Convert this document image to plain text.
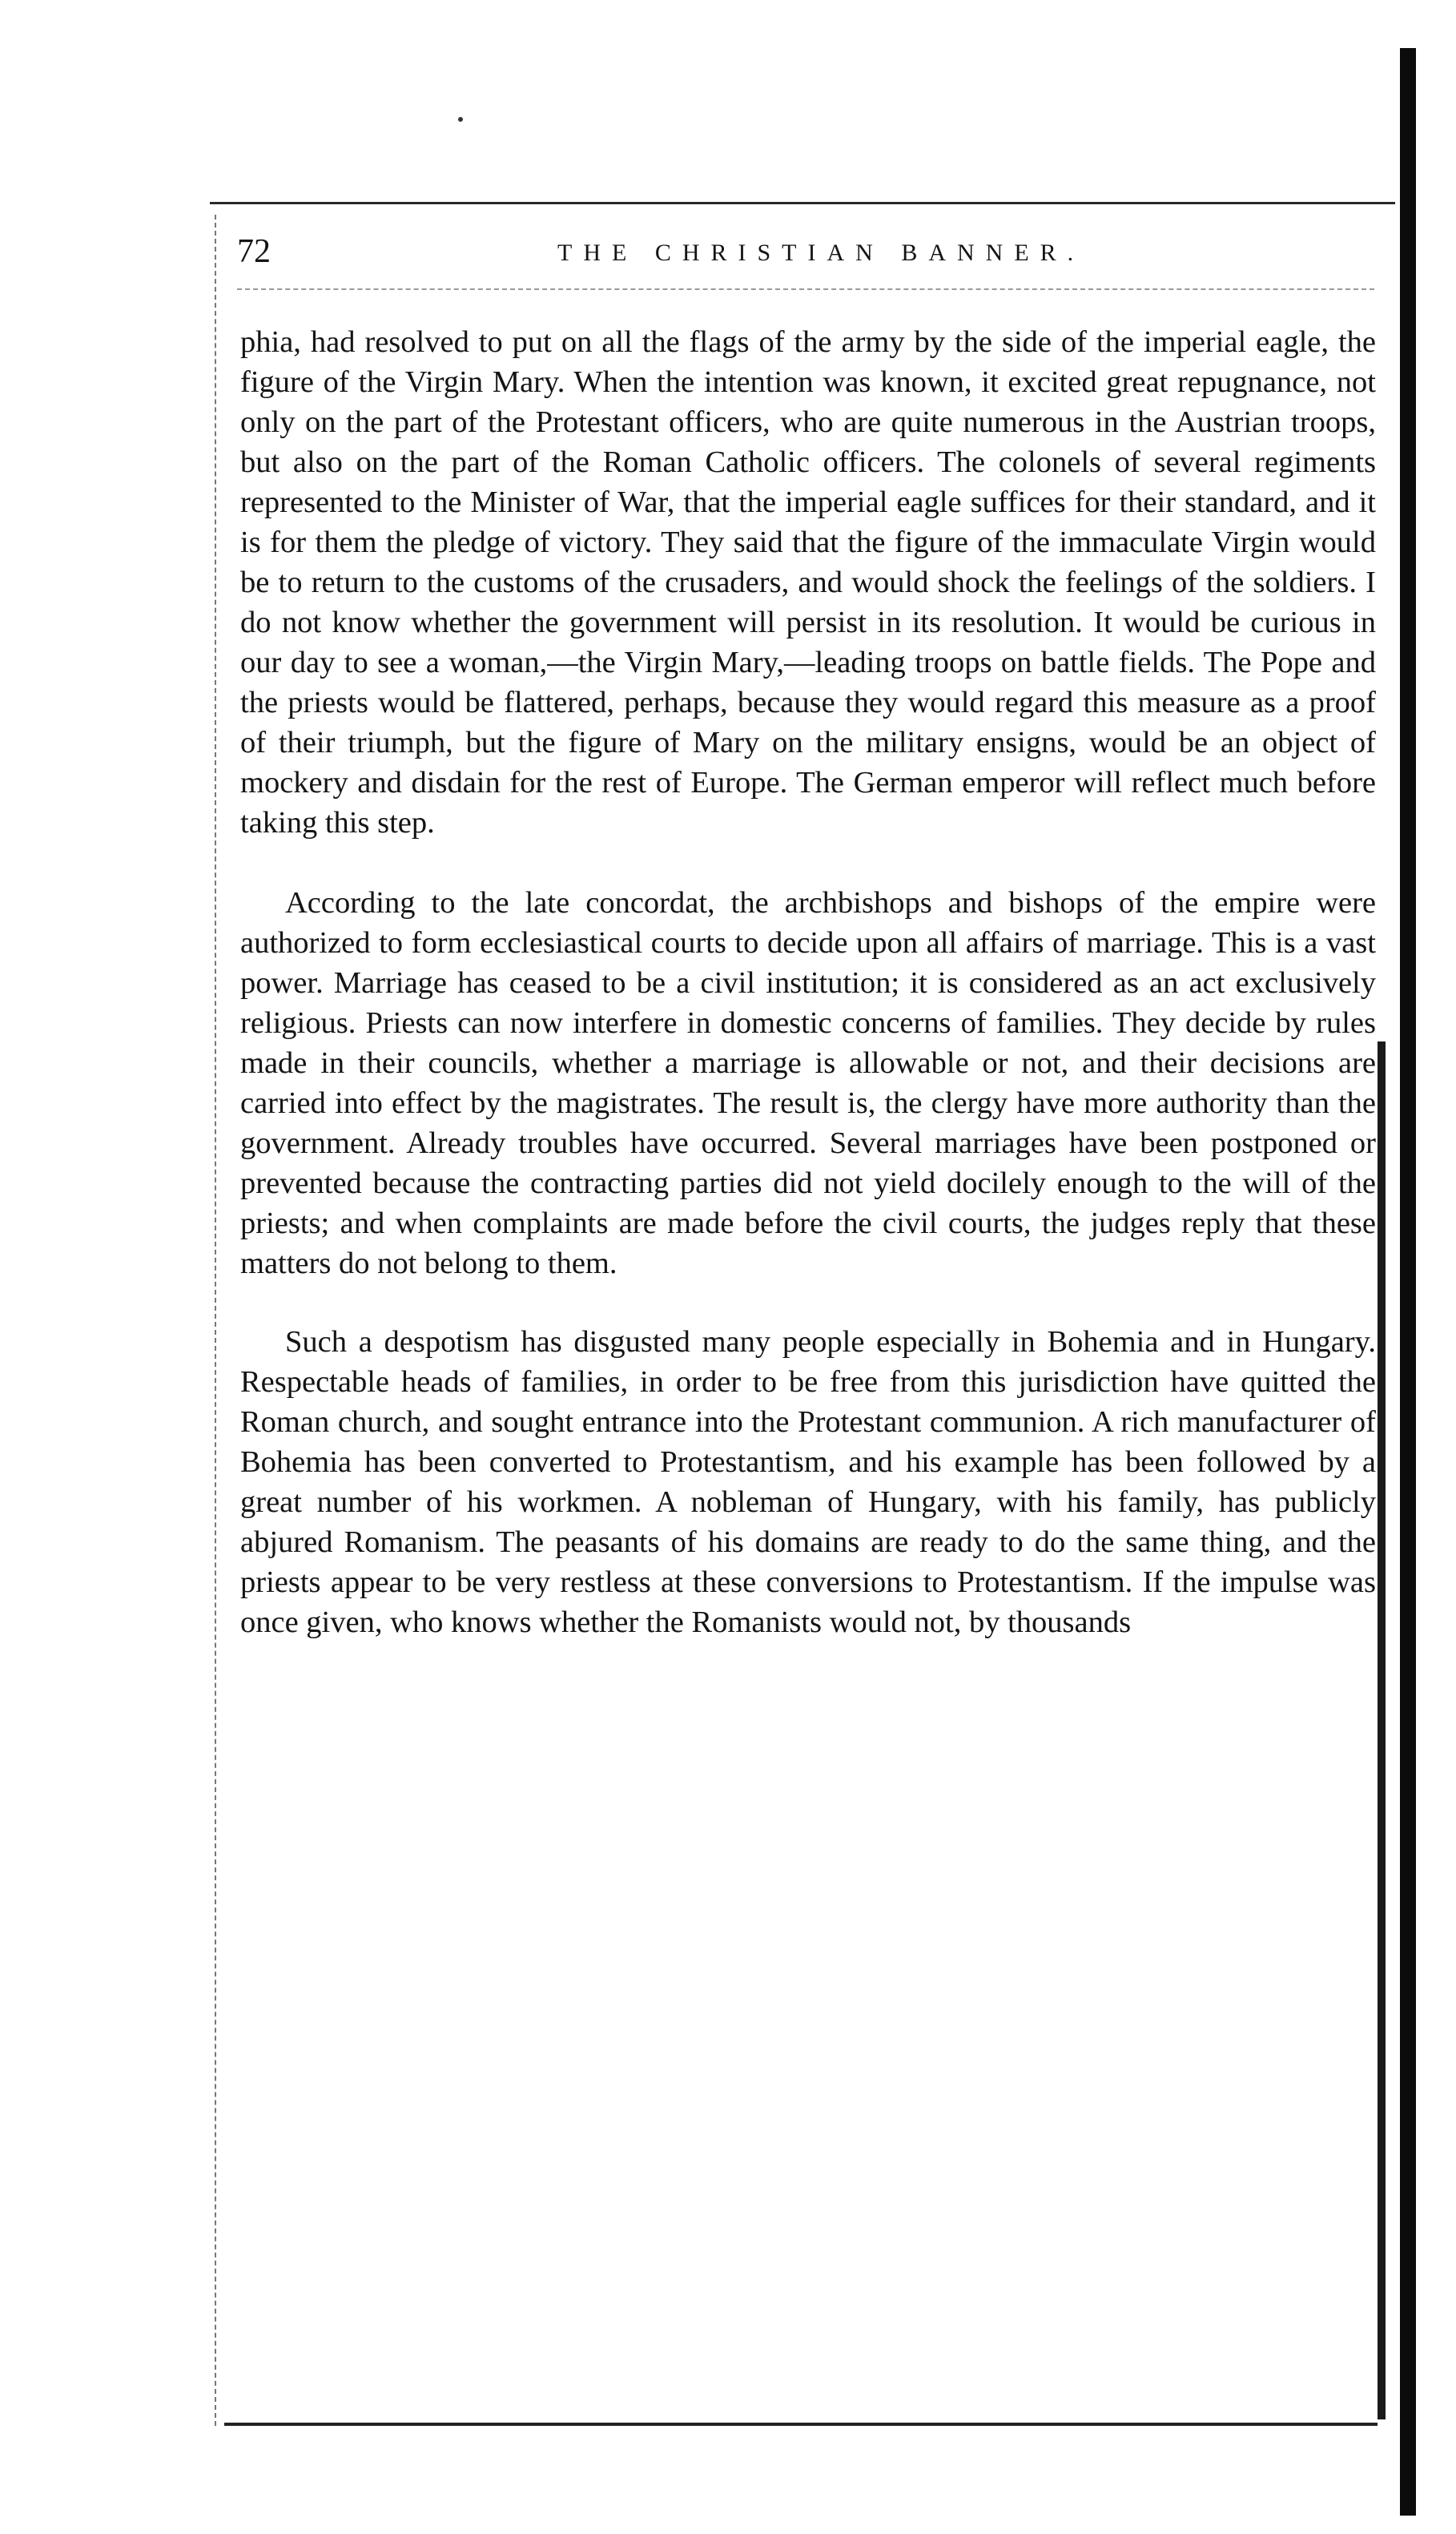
72	THE CHRISTIAN BANNER.

phia, had resolved to put on all the flags of the army by the side of the imperial eagle, the figure of the Virgin Mary. When the intention was known, it excited great repugnance, not only on the part of the Protestant officers, who are quite numerous in the Austrian troops, but also on the part of the Roman Catholic officers. The colonels of several regiments represented to the Minister of War, that the imperial eagle suffices for their standard, and it is for them the pledge of victory. They said that the figure of the immaculate Virgin would be to return to the customs of the crusaders, and would shock the feelings of the soldiers. I do not know whether the government will persist in its resolution. It would be curious in our day to see a woman,—the Virgin Mary,—leading troops on battle fields. The Pope and the priests would be flattered, perhaps, because they would regard this measure as a proof of their triumph, but the figure of Mary on the military ensigns, would be an object of mockery and disdain for the rest of Europe. The German emperor will reflect much before taking this step.

According to the late concordat, the archbishops and bishops of the empire were authorized to form ecclesiastical courts to decide upon all affairs of marriage. This is a vast power. Marriage has ceased to be a civil institution; it is considered as an act exclusively religious. Priests can now interfere in domestic concerns of families. They decide by rules made in their councils, whether a marriage is allowable or not, and their decisions are carried into effect by the magistrates. The result is, the clergy have more authority than the government. Already troubles have occurred. Several marriages have been postponed or prevented because the contracting parties did not yield docilely enough to the will of the priests; and when complaints are made before the civil courts, the judges reply that these matters do not belong to them.

Such a despotism has disgusted many people especially in Bohemia and in Hungary. Respectable heads of families, in order to be free from this jurisdiction have quitted the Roman church, and sought entrance into the Protestant communion. A rich manufacturer of Bohemia has been converted to Protestantism, and his example has been followed by a great number of his workmen. A nobleman of Hungary, with his family, has publicly abjured Romanism. The peasants of his domains are ready to do the same thing, and the priests appear to be very restless at these conversions to Protestantism. If the impulse was once given, who knows whether the Romanists would not, by thousands
